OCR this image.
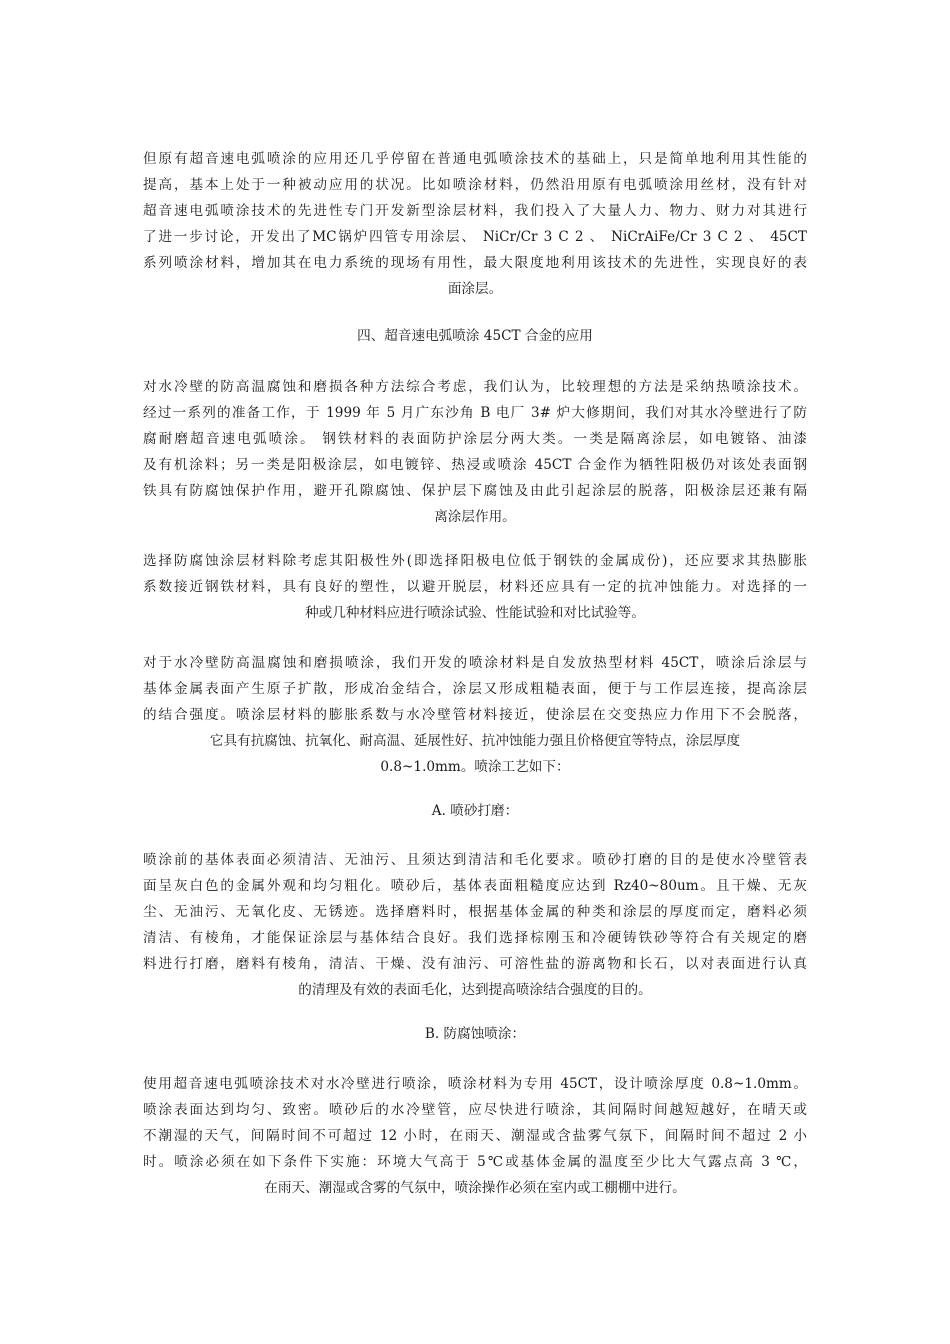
但原有超音速电弧喷涂的应用还几乎停留在普通电弧喷涂技术的基础上，只是简单地利用其性能的
提高，基本上处于一种被动应用的状况。比如喷涂材料，仍然沿用原有电弧喷涂用丝材，没有针对
超音速电弧喷涂技术的先进性专门开发新型涂层材料，我们投入了大量人力、物力、财力对其进行
了进一步讨论，开发出了MC锅炉四管专用涂层、 NiCr/Cr 3 C 2 、 NiCrAiFe/Cr 3 C 2 、 45CT
系列喷涂材料，增加其在电力系统的现场有用性，最大限度地利用该技术的先进性，实现良好的表
面涂层。
四、超音速电弧喷涂 45CT 合金的应用
对水冷壁的防高温腐蚀和磨损各种方法综合考虑，我们认为，比较理想的方法是采纳热喷涂技术。
经过一系列的准备工作，于 1999 年 5 月广东沙角 B 电厂 3# 炉大修期间，我们对其水冷壁进行了防
腐耐磨超音速电弧喷涂。 钢铁材料的表面防护涂层分两大类。一类是隔离涂层，如电镀铬、油漆
及有机涂料；另一类是阳极涂层，如电镀锌、热浸或喷涂 45CT 合金作为牺牲阳极仍对该处表面钢
铁具有防腐蚀保护作用，避开孔隙腐蚀、保护层下腐蚀及由此引起涂层的脱落，阳极涂层还兼有隔
离涂层作用。
选择防腐蚀涂层材料除考虑其阳极性外(即选择阳极电位低于钢铁的金属成份)，还应要求其热膨胀
系数接近钢铁材料，具有良好的塑性，以避开脱层，材料还应具有一定的抗冲蚀能力。对选择的一
种或几种材料应进行喷涂试验、性能试验和对比试验等。
对于水冷壁防高温腐蚀和磨损喷涂，我们开发的喷涂材料是自发放热型材料 45CT，喷涂后涂层与
基体金属表面产生原子扩散，形成冶金结合，涂层又形成粗糙表面，便于与工作层连接，提高涂层
的结合强度。喷涂层材料的膨胀系数与水冷壁管材料接近，使涂层在交变热应力作用下不会脱落，
它具有抗腐蚀、抗氧化、耐高温、延展性好、抗冲蚀能力强且价格便宜等特点，涂层厚度
0.8~1.0mm。喷涂工艺如下：
A. 喷砂打磨：
喷涂前的基体表面必须清洁、无油污、且须达到清洁和毛化要求。喷砂打磨的目的是使水冷壁管表
面呈灰白色的金属外观和均匀粗化。喷砂后，基体表面粗糙度应达到 Rz40~80um。且干燥、无灰
尘、无油污、无氧化皮、无锈迹。选择磨料时，根据基体金属的种类和涂层的厚度而定，磨料必须
清洁、有棱角，才能保证涂层与基体结合良好。我们选择棕刚玉和冷硬铸铁砂等符合有关规定的磨
料进行打磨，磨料有棱角，清洁、干燥、没有油污、可溶性盐的游离物和长石，以对表面进行认真
的清理及有效的表面毛化，达到提高喷涂结合强度的目的。
B. 防腐蚀喷涂：
使用超音速电弧喷涂技术对水冷壁进行喷涂，喷涂材料为专用 45CT，设计喷涂厚度 0.8~1.0mm。
喷涂表面达到均匀、致密。喷砂后的水冷壁管，应尽快进行喷涂，其间隔时间越短越好，在晴天或
不潮湿的天气，间隔时间不可超过 12 小时，在雨天、潮湿或含盐雾气氛下，间隔时间不超过 2 小
时。喷涂必须在如下条件下实施：环境大气高于 5℃或基体金属的温度至少比大气露点高 3 ℃，
在雨天、潮湿或含雾的气氛中，喷涂操作必须在室内或工棚棚中进行。
